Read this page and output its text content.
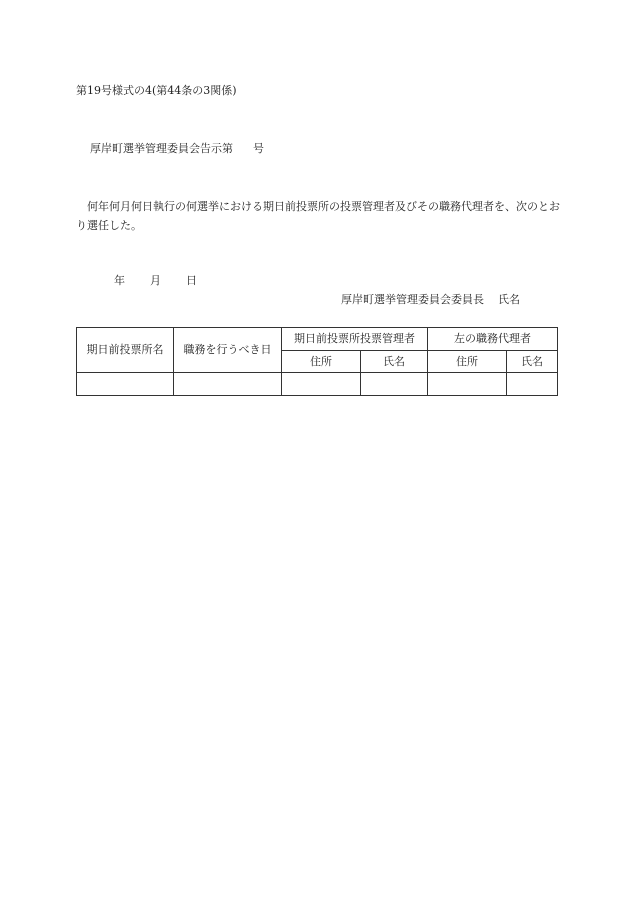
第19号様式の4(第44条の3関係)
厚岸町選挙管理委員会告示第 号
何年何月何日執行の何選挙における期日前投票所の投票管理者及びその職務代理者を、次のとおり選任した。
年 月 日
厚岸町選挙管理委員会委員長 氏名
期日前投票所名	職務を行うべき日	期日前投票所投票管理者		左の職務代理者	
		住所	氏名	住所	氏名
